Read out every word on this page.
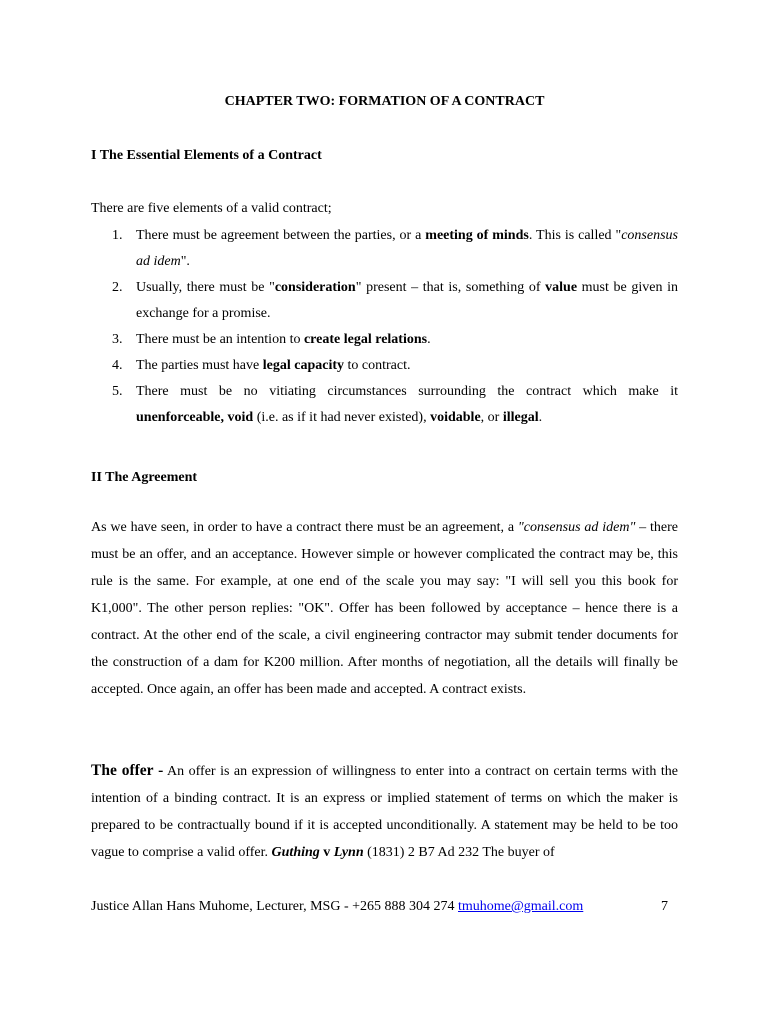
CHAPTER TWO: FORMATION OF A CONTRACT
I The Essential Elements of a Contract
There are five elements of a valid contract;
1. There must be agreement between the parties, or a meeting of minds. This is called "consensus ad idem".
2. Usually, there must be "consideration" present – that is, something of value must be given in exchange for a promise.
3. There must be an intention to create legal relations.
4. The parties must have legal capacity to contract.
5. There must be no vitiating circumstances surrounding the contract which make it unenforceable, void (i.e. as if it had never existed), voidable, or illegal.
II The Agreement

As we have seen, in order to have a contract there must be an agreement, a "consensus ad idem" – there must be an offer, and an acceptance. However simple or however complicated the contract may be, this rule is the same. For example, at one end of the scale you may say: "I will sell you this book for K1,000". The other person replies: "OK". Offer has been followed by acceptance – hence there is a contract. At the other end of the scale, a civil engineering contractor may submit tender documents for the construction of a dam for K200 million. After months of negotiation, all the details will finally be accepted. Once again, an offer has been made and accepted. A contract exists.

The offer - An offer is an expression of willingness to enter into a contract on certain terms with the intention of a binding contract. It is an express or implied statement of terms on which the maker is prepared to be contractually bound if it is accepted unconditionally. A statement may be held to be too vague to comprise a valid offer. Guthing v Lynn (1831) 2 B7 Ad 232 The buyer of

Justice Allan Hans Muhome, Lecturer, MSG - +265 888 304 274 tmuhome@gmail.com	7
